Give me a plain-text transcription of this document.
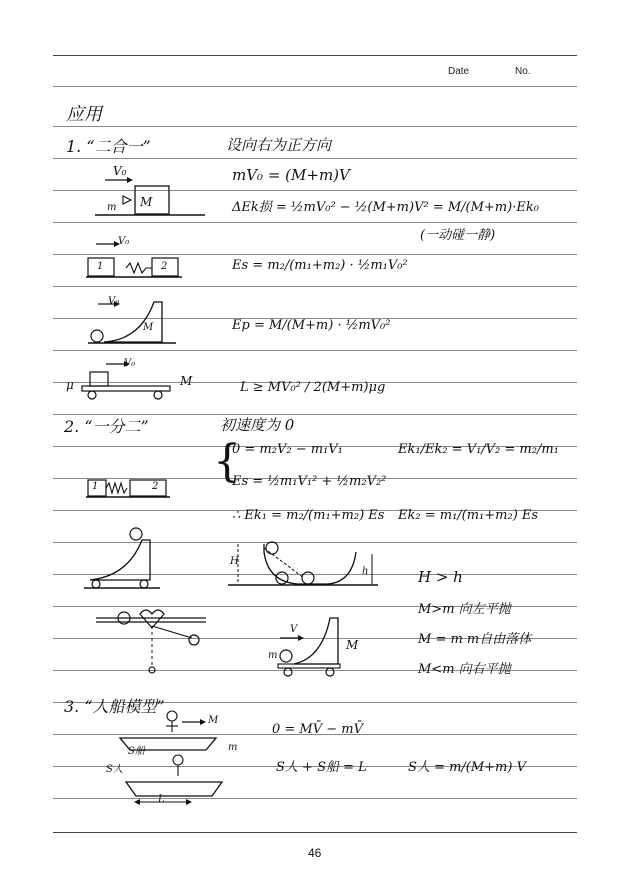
Date	No.
应用
1. “二合一”	设向右为正方向
mV₀ = (M+m)V
ΔEk损 = ½mV₀² − ½(M+m)V² = M/(M+m)·Ek₀
(一动碰一静)
Es = m₂/(m₁+m₂) · ½m₁V₀²
Ep = M/(M+m) · ½mV₀²
L ≥ MV₀² / 2(M+m)μg
V₀
m M
V₀
1	2
V₀
M
V₀
μ	M
2. “一分二”	初速度为 0
{
0 = m₂V₂ − m₁V₁
Es = ½m₁V₁² + ½m₂V₂²
Ek₁/Ek₂ = V₁/V₂ = m₂/m₁
∴ Ek₁ = m₂/(m₁+m₂) Es Ek₂ = m₁/(m₁+m₂) Es
H > h
M>m 向左平抛
M = m m自由落体
M<m 向右平抛
1	2
H
h
V
m
M
3. “人船模型”
0 = MV̄ − mV̄
S人 + S船 = L	S人 = m/(M+m) V
M
S船	m
S人
L
46
